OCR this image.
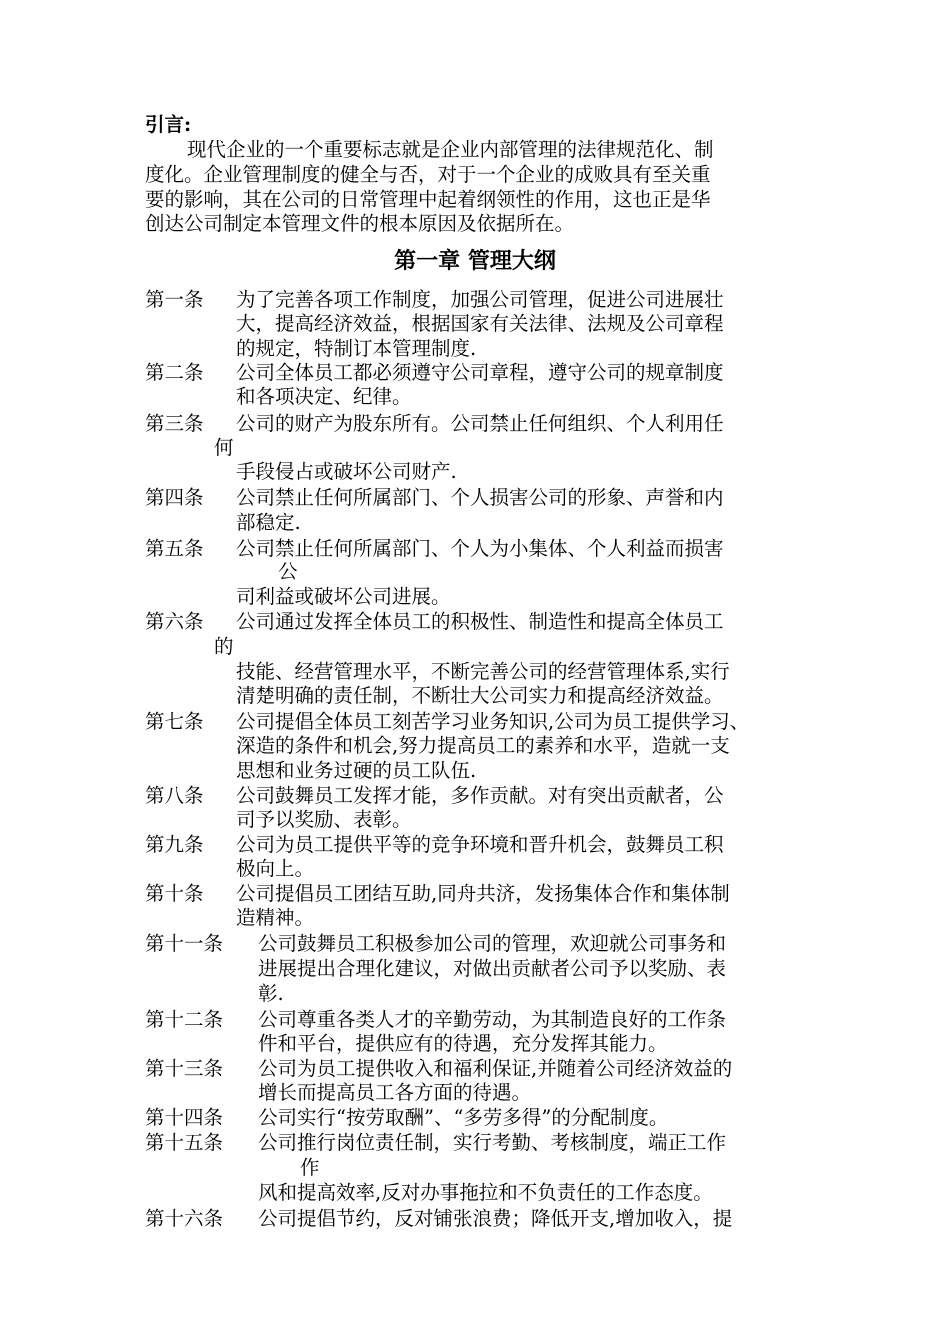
引言:
现代企业的一个重要标志就是企业内部管理的法律规范化、制
度化。企业管理制度的健全与否，对于一个企业的成败具有至关重
要的影响，其在公司的日常管理中起着纲领性的作用，这也正是华
创达公司制定本管理文件的根本原因及依据所在。
第一章 管理大纲
第一条 为了完善各项工作制度，加强公司管理，促进公司进展壮
大，提高经济效益，根据国家有关法律、法规及公司章程
的规定，特制订本管理制度.
第二条 公司全体员工都必须遵守公司章程，遵守公司的规章制度
和各项决定、纪律。
第三条 公司的财产为股东所有。公司禁止任何组织、个人利用任
何
手段侵占或破坏公司财产.
第四条 公司禁止任何所属部门、个人损害公司的形象、声誉和内
部稳定.
第五条 公司禁止任何所属部门、个人为小集体、个人利益而损害
公
司利益或破坏公司进展。
第六条 公司通过发挥全体员工的积极性、制造性和提高全体员工
的
技能、经营管理水平，不断完善公司的经营管理体系,实行
清楚明确的责任制，不断壮大公司实力和提高经济效益。
第七条 公司提倡全体员工刻苦学习业务知识,公司为员工提供学习、
深造的条件和机会,努力提高员工的素养和水平，造就一支
思想和业务过硬的员工队伍.
第八条 公司鼓舞员工发挥才能，多作贡献。对有突出贡献者，公
司予以奖励、表彰。
第九条 公司为员工提供平等的竞争环境和晋升机会，鼓舞员工积
极向上。
第十条 公司提倡员工团结互助,同舟共济，发扬集体合作和集体制
造精神。
第十一条 公司鼓舞员工积极参加公司的管理，欢迎就公司事务和
进展提出合理化建议，对做出贡献者公司予以奖励、表
彰.
第十二条 公司尊重各类人才的辛勤劳动，为其制造良好的工作条
件和平台，提供应有的待遇，充分发挥其能力。
第十三条 公司为员工提供收入和福利保证,并随着公司经济效益的
增长而提高员工各方面的待遇。
第十四条 公司实行“按劳取酬”、“多劳多得”的分配制度。
第十五条 公司推行岗位责任制，实行考勤、考核制度，端正工作
作
风和提高效率,反对办事拖拉和不负责任的工作态度。
第十六条 公司提倡节约，反对铺张浪费；降低开支,增加收入，提
